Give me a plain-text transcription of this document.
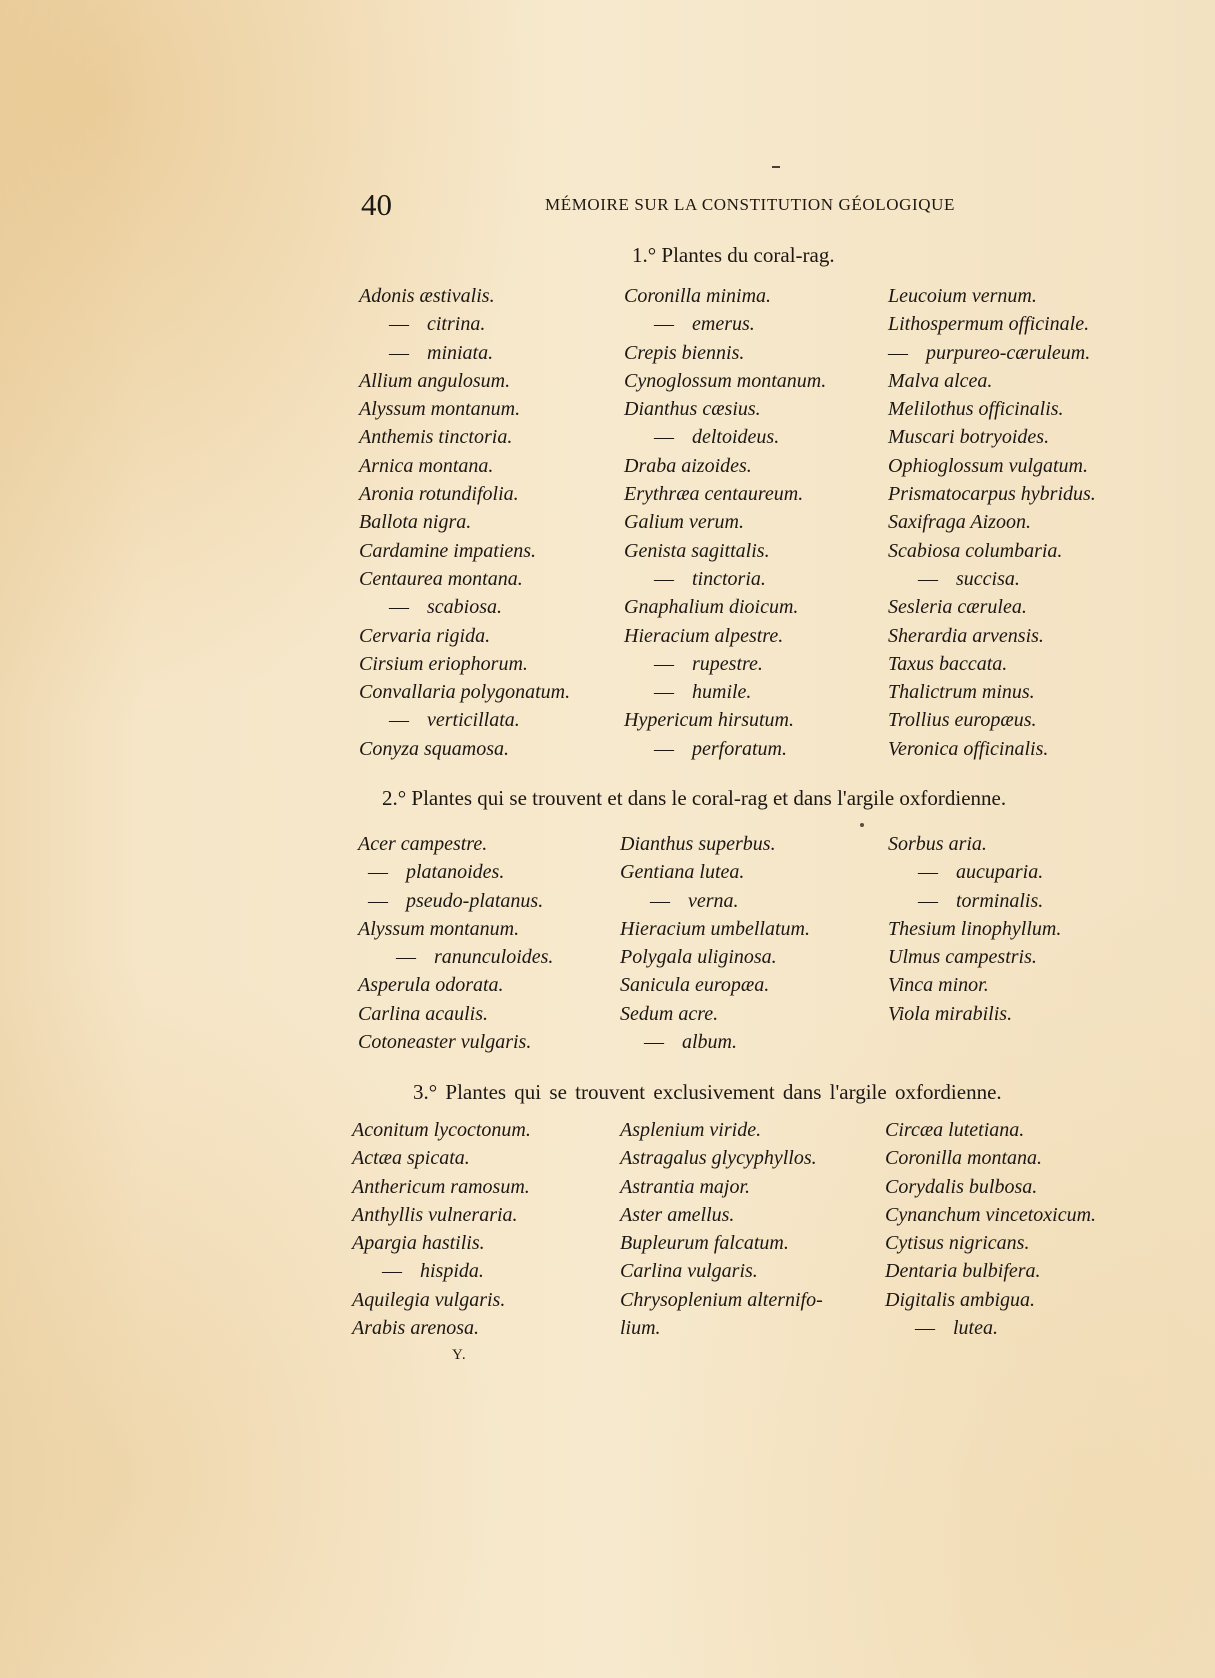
40	MÉMOIRE SUR LA CONSTITUTION GÉOLOGIQUE
1.° Plantes du coral-rag.
Adonis æstivalis.
— citrina.
— miniata.
Allium angulosum.
Alyssum montanum.
Anthemis tinctoria.
Arnica montana.
Aronia rotundifolia.
Ballota nigra.
Cardamine impatiens.
Centaurea montana.
— scabiosa.
Cervaria rigida.
Cirsium eriophorum.
Convallaria polygonatum.
— verticillata.
Conyza squamosa.
Coronilla minima.
— emerus.
Crepis biennis.
Cynoglossum montanum.
Dianthus cæsius.
— deltoideus.
Draba aizoides.
Erythræa centaureum.
Galium verum.
Genista sagittalis.
— tinctoria.
Gnaphalium dioicum.
Hieracium alpestre.
— rupestre.
— humile.
Hypericum hirsutum.
— perforatum.
Leucoium vernum.
Lithospermum officinale.
— purpureo-cæruleum.
Malva alcea.
Melilothus officinalis.
Muscari botryoides.
Ophioglossum vulgatum.
Prismatocarpus hybridus.
Saxifraga Aizoon.
Scabiosa columbaria.
— succisa.
Sesleria cærulea.
Sherardia arvensis.
Taxus baccata.
Thalictrum minus.
Trollius europæus.
Veronica officinalis.
2.° Plantes qui se trouvent et dans le coral-rag et dans l'argile oxfordienne.
Acer campestre.
— platanoides.
— pseudo-platanus.
Alyssum montanum.
— ranunculoides.
Asperula odorata.
Carlina acaulis.
Cotoneaster vulgaris.
Dianthus superbus.
Gentiana lutea.
— verna.
Hieracium umbellatum.
Polygala uliginosa.
Sanicula europæa.
Sedum acre.
— album.
Sorbus aria.
— aucuparia.
— torminalis.
Thesium linophyllum.
Ulmus campestris.
Vinca minor.
Viola mirabilis.
3.° Plantes qui se trouvent exclusivement dans l'argile oxfordienne.
Aconitum lycoctonum.
Actæa spicata.
Anthericum ramosum.
Anthyllis vulneraria.
Apargia hastilis.
— hispida.
Aquilegia vulgaris.
Arabis arenosa.
Asplenium viride.
Astragalus glycyphyllos.
Astrantia major.
Aster amellus.
Bupleurum falcatum.
Carlina vulgaris.
Chrysoplenium alternifo-
lium.
Circæa lutetiana.
Coronilla montana.
Corydalis bulbosa.
Cynanchum vincetoxicum.
Cytisus nigricans.
Dentaria bulbifera.
Digitalis ambigua.
— lutea.
Y.
